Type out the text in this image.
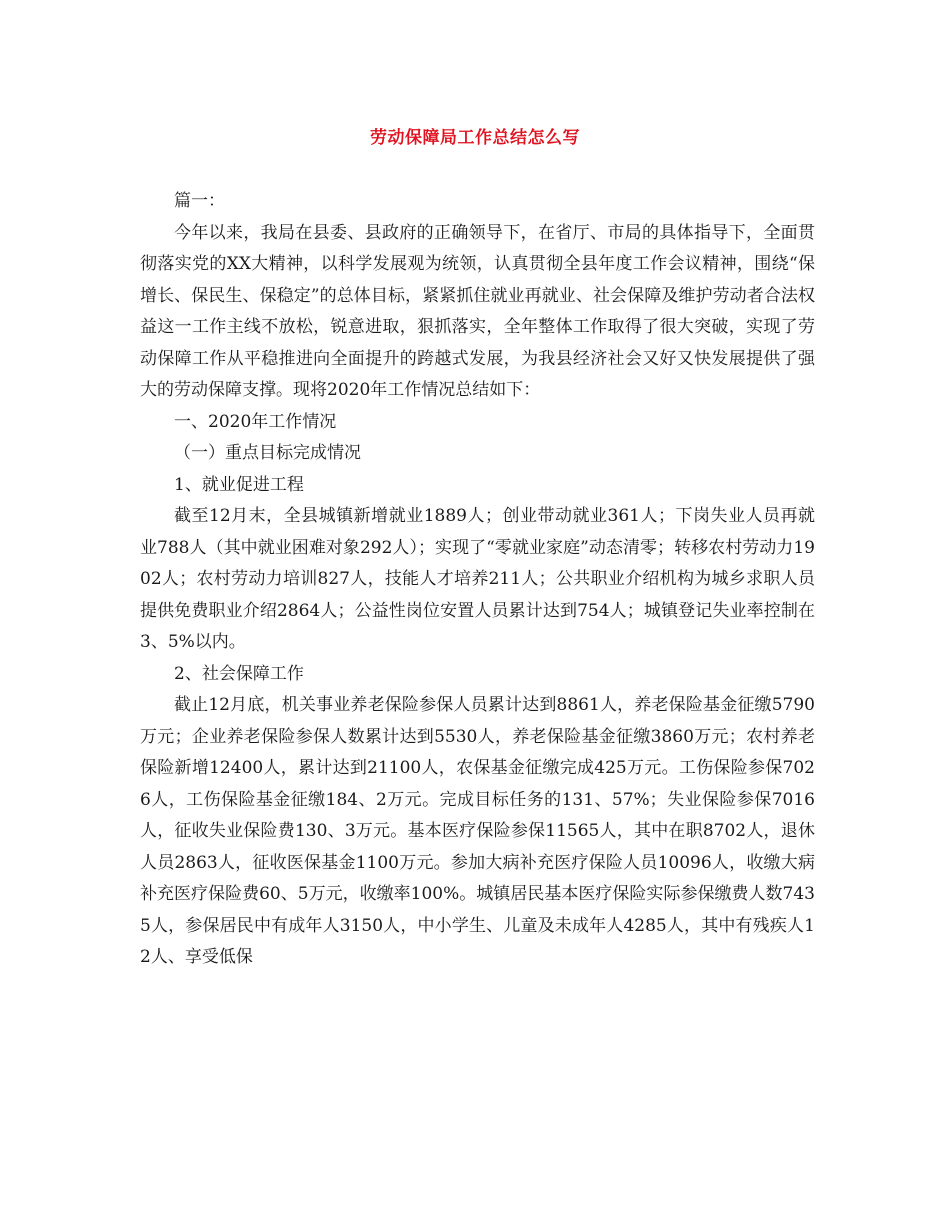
劳动保障局工作总结怎么写

篇一：

今年以来，我局在县委、县政府的正确领导下，在省厅、市局的具体指导下，全面贯彻落实党的XX大精神，以科学发展观为统领，认真贯彻全县年度工作会议精神，围绕“保增长、保民生、保稳定”的总体目标，紧紧抓住就业再就业、社会保障及维护劳动者合法权益这一工作主线不放松，锐意进取，狠抓落实，全年整体工作取得了很大突破，实现了劳动保障工作从平稳推进向全面提升的跨越式发展，为我县经济社会又好又快发展提供了强大的劳动保障支撑。现将2020年工作情况总结如下：

一、2020年工作情况

（一）重点目标完成情况

1、就业促进工程

截至12月末，全县城镇新增就业1889人；创业带动就业361人；下岗失业人员再就业788人（其中就业困难对象292人）；实现了“零就业家庭”动态清零；转移农村劳动力1902人；农村劳动力培训827人，技能人才培养211人；公共职业介绍机构为城乡求职人员提供免费职业介绍2864人；公益性岗位安置人员累计达到754人；城镇登记失业率控制在3、5%以内。

2、社会保障工作

截止12月底，机关事业养老保险参保人员累计达到8861人，养老保险基金征缴5790万元；企业养老保险参保人数累计达到5530人，养老保险基金征缴3860万元；农村养老保险新增12400人，累计达到21100人，农保基金征缴完成425万元。工伤保险参保7026人，工伤保险基金征缴184、2万元。完成目标任务的131、57%；失业保险参保7016人，征收失业保险费130、3万元。基本医疗保险参保11565人，其中在职8702人，退休人员2863人，征收医保基金1100万元。参加大病补充医疗保险人员10096人，收缴大病补充医疗保险费60、5万元，收缴率100%。城镇居民基本医疗保险实际参保缴费人数7435人，参保居民中有成年人3150人，中小学生、儿童及未成年人4285人，其中有残疾人12人、享受低保
